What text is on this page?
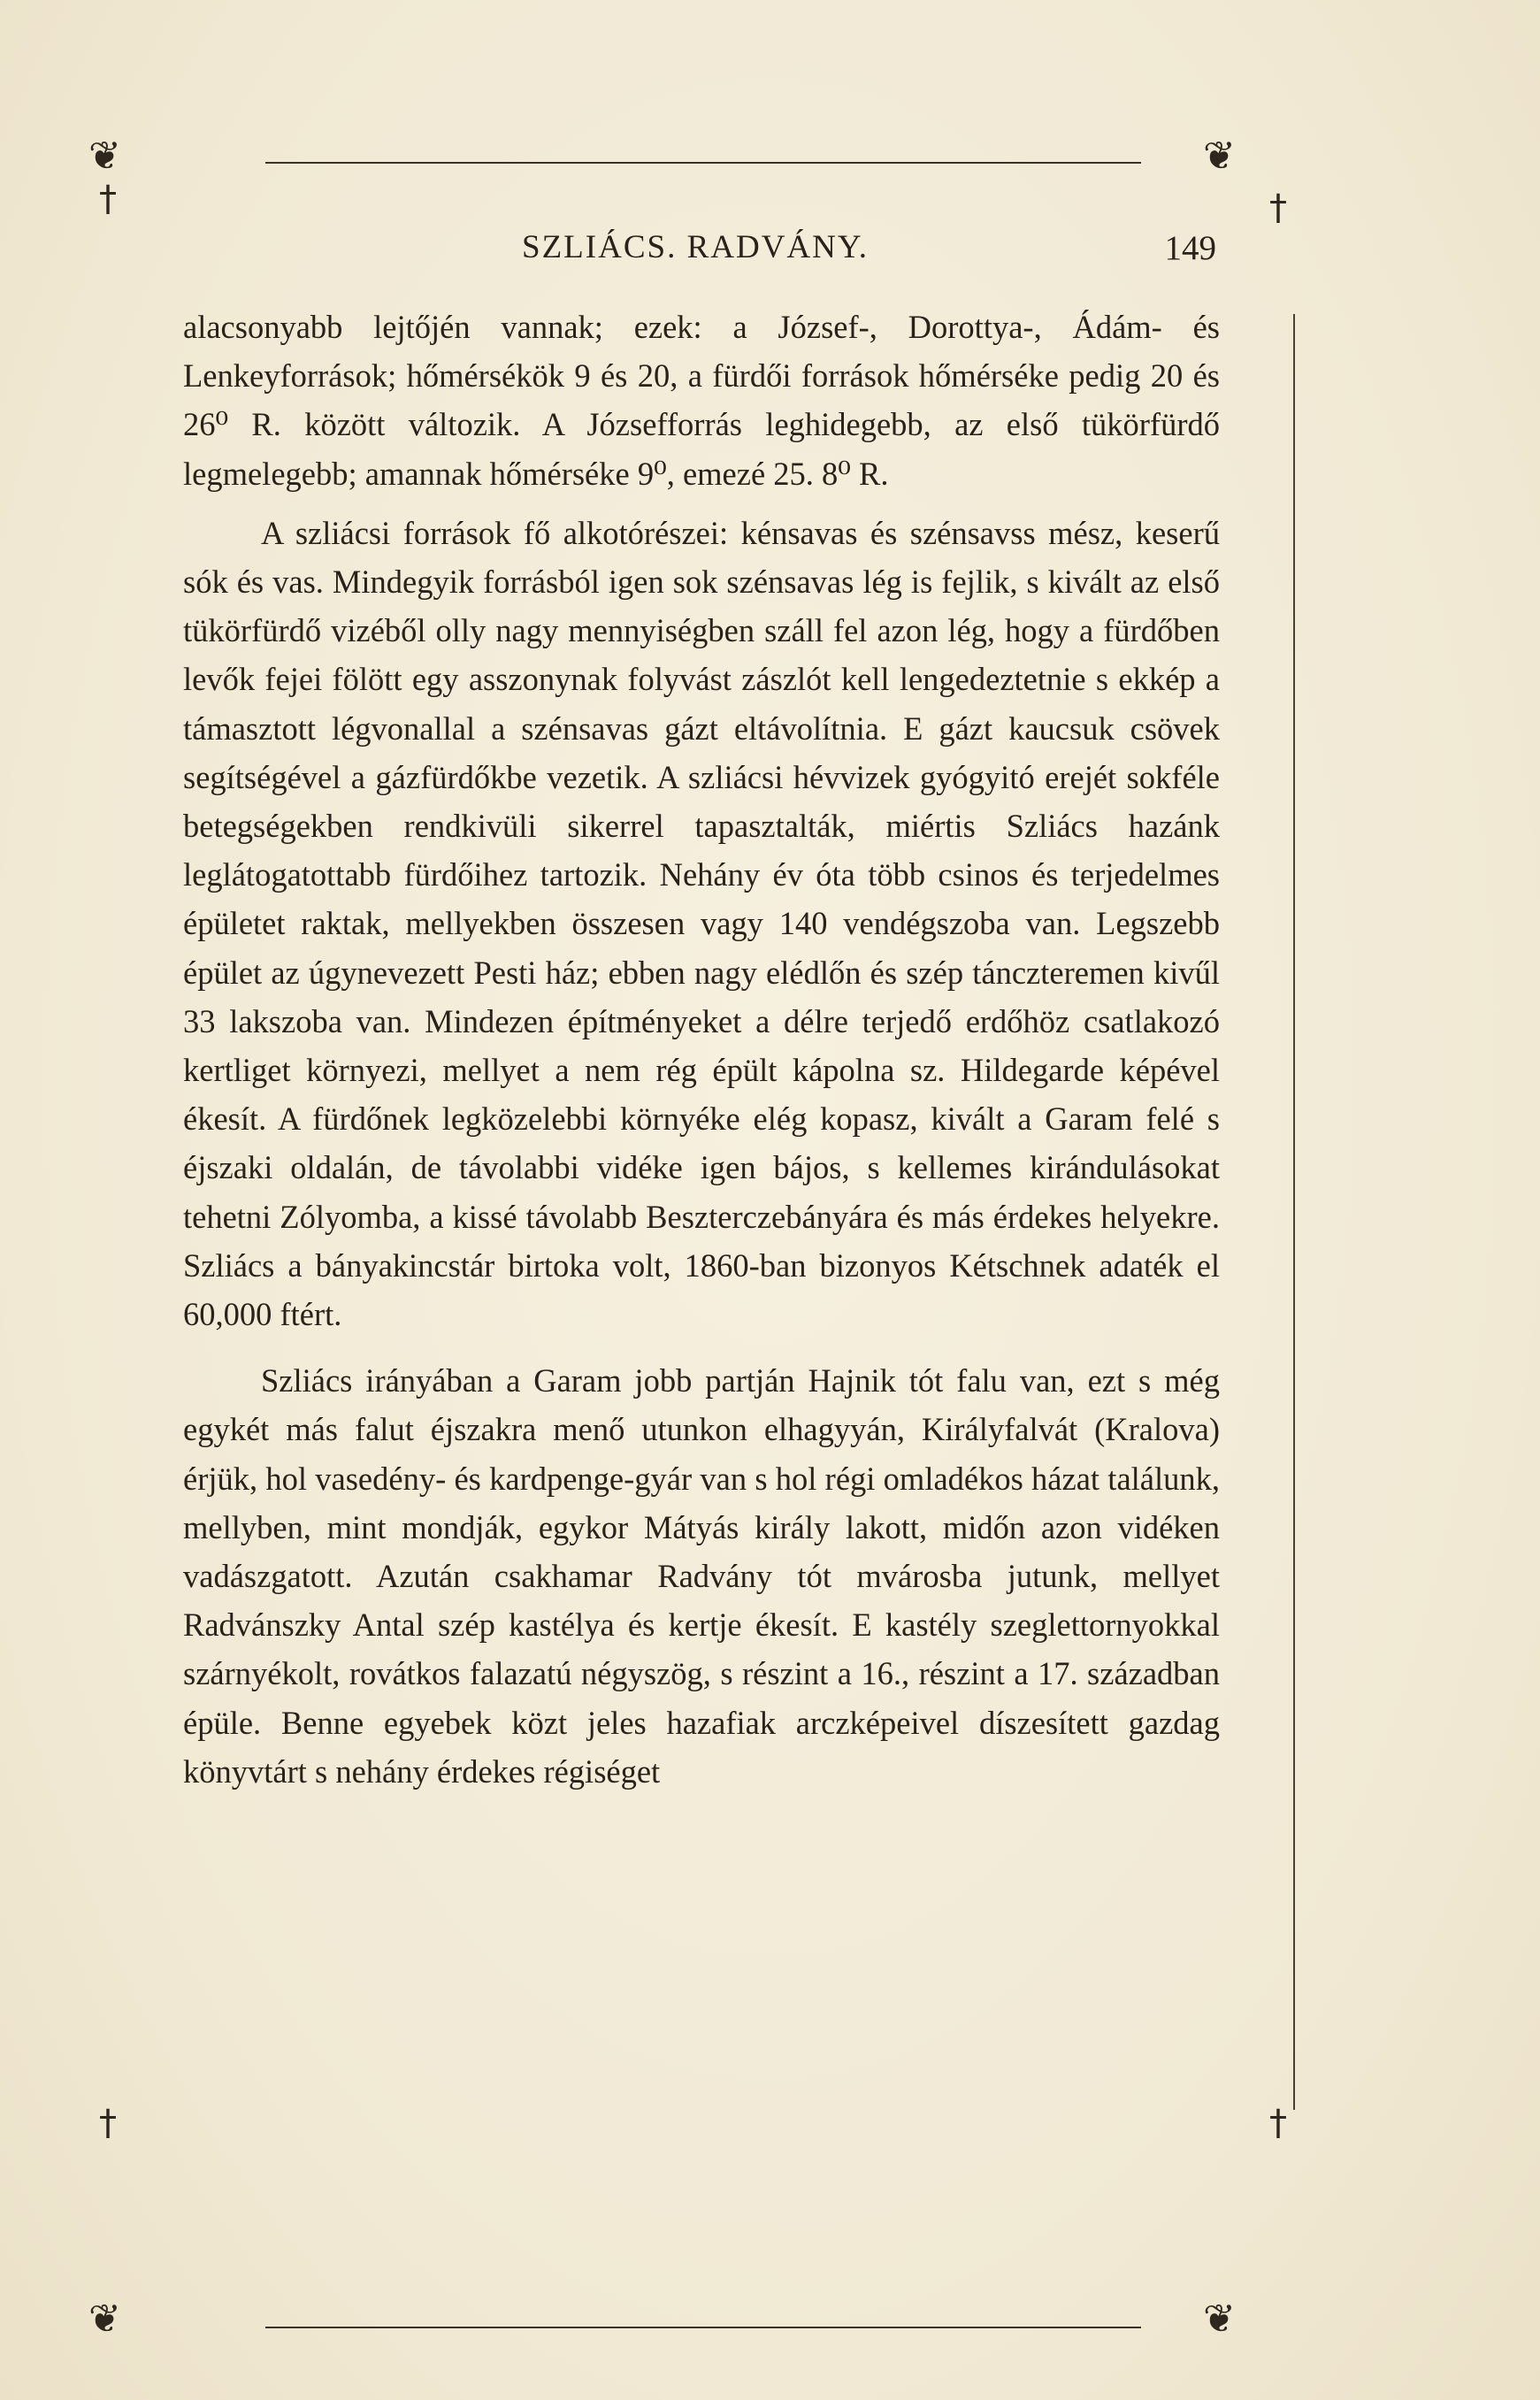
❦	❦
❦	❦
†	†
†	†
SZLIÁCS. RADVÁNY.	149

alacsonyabb lejtőjén vannak; ezek: a József-, Dorottya-, Ádám- és Lenkeyforrások; hőmérsékök 9 és 20, a fürdői források hőmérséke pedig 20 és 26⁰ R. között változik. A Józsefforrás leghidegebb, az első tükörfürdő legmelegebb; amannak hőmérséke 9⁰, emezé 25. 8⁰ R.

A szliácsi források fő alkotórészei: kénsavas és szénsavss mész, keserű sók és vas. Mindegyik forrásból igen sok szénsavas lég is fejlik, s kivált az első tükörfürdő vizéből olly nagy mennyiségben száll fel azon lég, hogy a fürdőben levők fejei fölött egy asszonynak folyvást zászlót kell lengedeztetnie s ekkép a támasztott légvonallal a szénsavas gázt eltávolítnia. E gázt kaucsuk csövek segítségével a gázfürdőkbe vezetik. A szliácsi hévvizek gyógyitó erejét sokféle betegségekben rendkivüli sikerrel tapasztalták, miértis Szliács hazánk leglátogatottabb fürdőihez tartozik. Nehány év óta több csinos és terjedelmes épületet raktak, mellyekben összesen vagy 140 vendégszoba van. Legszebb épület az úgynevezett Pesti ház; ebben nagy elédlőn és szép tánczteremen kivűl 33 lakszoba van. Mindezen építményeket a délre terjedő erdőhöz csatlakozó kertliget környezi, mellyet a nem rég épült kápolna sz. Hildegarde képével ékesít. A fürdőnek legközelebbi környéke elég kopasz, kivált a Garam felé s éjszaki oldalán, de távolabbi vidéke igen bájos, s kellemes kirándulásokat tehetni Zólyomba, a kissé távolabb Beszterczebányára és más érdekes helyekre. Szliács a bányakincstár birtoka volt, 1860-ban bizonyos Kétschnek adaték el 60,000 ftért.

Szliács irányában a Garam jobb partján Hajnik tót falu van, ezt s még egykét más falut éjszakra menő utunkon elhagyyán, Királyfalvát (Kralova) érjük, hol vasedény- és kardpenge-gyár van s hol régi omladékos házat találunk, mellyben, mint mondják, egykor Mátyás király lakott, midőn azon vidéken vadászgatott. Azután csakhamar Radvány tót mvárosba jutunk, mellyet Radvánszky Antal szép kastélya és kertje ékesít. E kastély szeglettornyokkal szárnyékolt, rovátkos falazatú négyszög, s részint a 16., részint a 17. században épüle. Benne egyebek közt jeles hazafiak arczképeivel díszesített gazdag könyvtárt s nehány érdekes régiséget
